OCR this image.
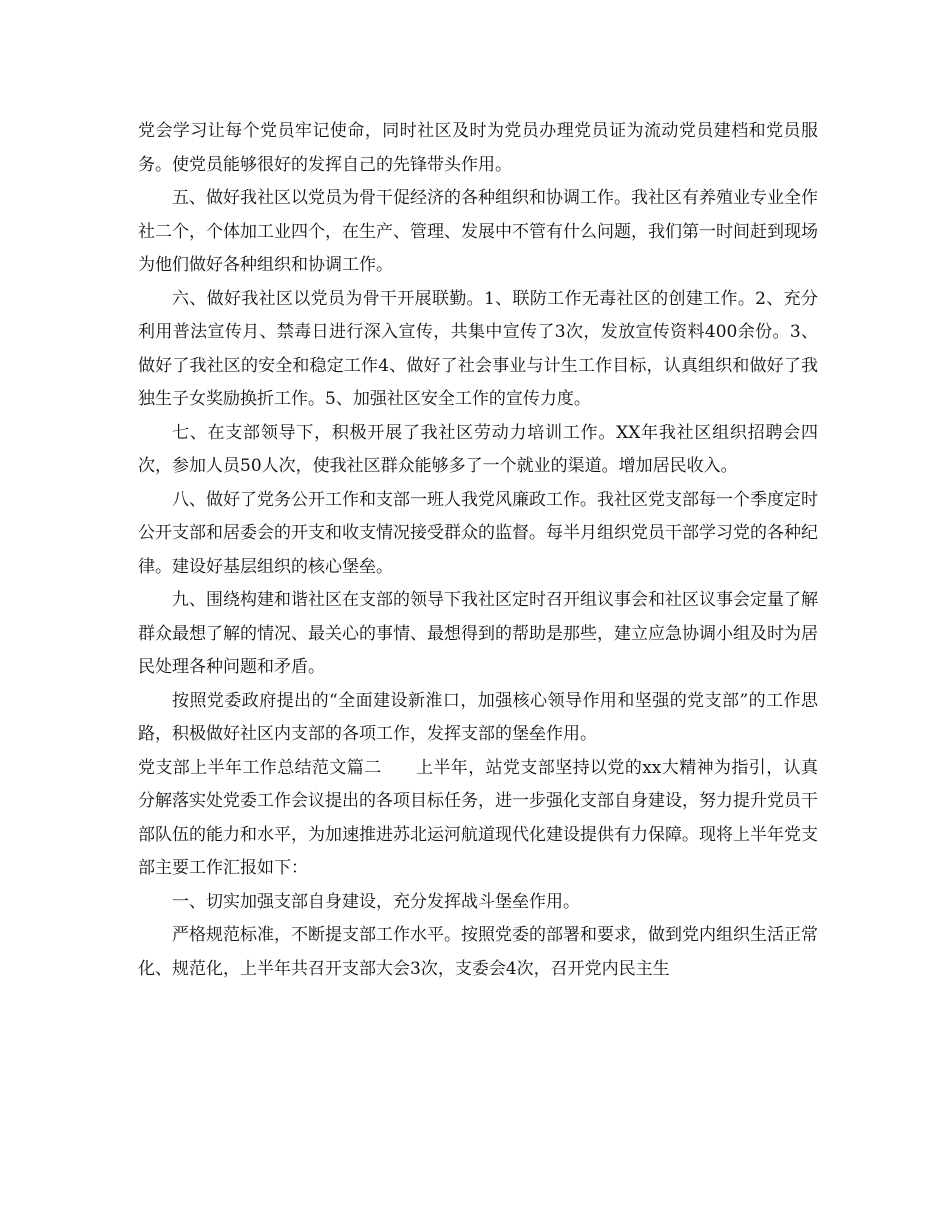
党会学习让每个党员牢记使命，同时社区及时为党员办理党员证为流动党员建档和党员服务。使党员能够很好的发挥自己的先锋带头作用。

五、做好我社区以党员为骨干促经济的各种组织和协调工作。我社区有养殖业专业全作社二个，个体加工业四个，在生产、管理、发展中不管有什么问题，我们第一时间赶到现场为他们做好各种组织和协调工作。

六、做好我社区以党员为骨干开展联勤。1、联防工作无毒社区的创建工作。2、充分利用普法宣传月、禁毒日进行深入宣传，共集中宣传了3次，发放宣传资料400余份。3、做好了我社区的安全和稳定工作4、做好了社会事业与计生工作目标，认真组织和做好了我独生子女奖励换折工作。5、加强社区安全工作的宣传力度。

七、在支部领导下，积极开展了我社区劳动力培训工作。XX年我社区组织招聘会四次，参加人员50人次，使我社区群众能够多了一个就业的渠道。增加居民收入。

八、做好了党务公开工作和支部一班人我党风廉政工作。我社区党支部每一个季度定时公开支部和居委会的开支和收支情况接受群众的监督。每半月组织党员干部学习党的各种纪律。建设好基层组织的核心堡垒。

九、围绕构建和谐社区在支部的领导下我社区定时召开组议事会和社区议事会定量了解群众最想了解的情况、最关心的事情、最想得到的帮助是那些，建立应急协调小组及时为居民处理各种问题和矛盾。

按照党委政府提出的“全面建设新淮口，加强核心领导作用和坚强的党支部”的工作思路，积极做好社区内支部的各项工作，发挥支部的堡垒作用。

党支部上半年工作总结范文篇二 上半年，站党支部坚持以党的xx大精神为指引，认真分解落实处党委工作会议提出的各项目标任务，进一步强化支部自身建设，努力提升党员干部队伍的能力和水平，为加速推进苏北运河航道现代化建设提供有力保障。现将上半年党支部主要工作汇报如下：

一、切实加强支部自身建设，充分发挥战斗堡垒作用。

严格规范标准，不断提支部工作水平。按照党委的部署和要求，做到党内组织生活正常化、规范化，上半年共召开支部大会3次，支委会4次，召开党内民主生
